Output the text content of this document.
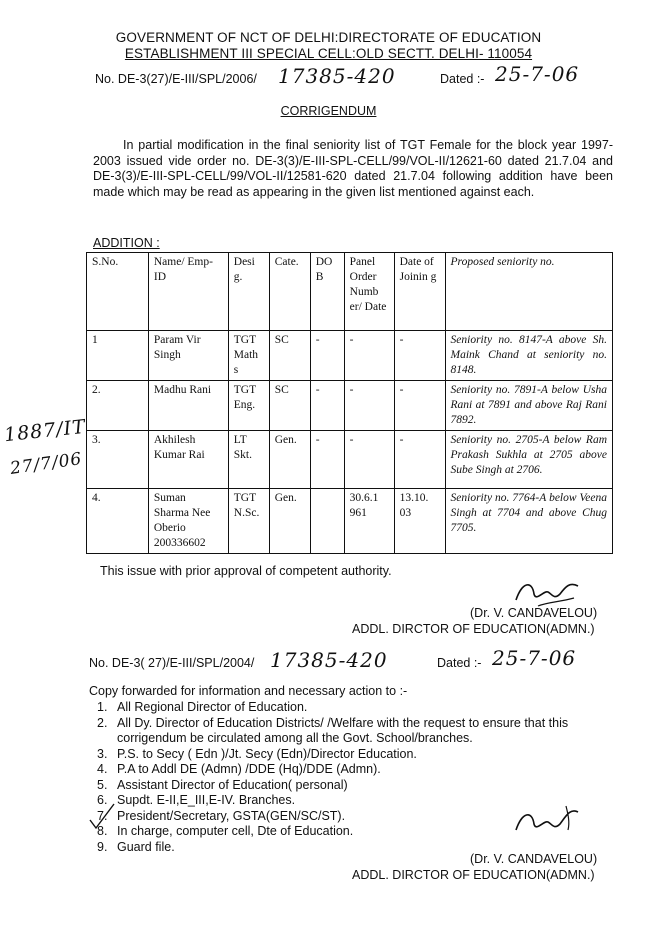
GOVERNMENT OF NCT OF DELHI:DIRECTORATE OF EDUCATION
ESTABLISHMENT III SPECIAL CELL:OLD SECTT. DELHI- 110054
No. DE-3(27)/E-III/SPL/2006/ 17385-420	Dated :- 25-7-06
CORRIGENDUM
In partial modification in the final seniority list of TGT Female for the block year 1997-2003 issued vide order no. DE-3(3)/E-III-SPL-CELL/99/VOL-II/12621-60 dated 21.7.04 and DE-3(3)/E-III-SPL-CELL/99/VOL-II/12581-620 dated 21.7.04 following addition have been made which may be read as appearing in the given list mentioned against each.
ADDITION :
1887/IT
27/7/06
S.No.	Name/ Emp-ID	Desi g.	Cate.	DO B	Panel Order Numb er/ Date	Date of Joinin g	Proposed seniority no.
1	Param Vir Singh	TGT Math s	SC	-	-	-	Seniority no. 8147-A above Sh. Maink Chand at seniority no. 8148.
2.	Madhu Rani	TGT Eng.	SC	-	-	-	Seniority no. 7891-A below Usha Rani at 7891 and above Raj Rani 7892.
3.	Akhilesh Kumar Rai	LT Skt.	Gen.	-	-	-	Seniority no. 2705-A below Ram Prakash Sukhla at 2705 above Sube Singh at 2706.
4.	Suman Sharma Nee Oberio 200336602	TGT N.Sc.	Gen.		30.6.1 961	13.10. 03	Seniority no. 7764-A below Veena Singh at 7704 and above Chug 7705.
This issue with prior approval of competent authority.
(Dr. V. CANDAVELOU)
ADDL. DIRCTOR OF EDUCATION(ADMN.)
No. DE-3( 27)/E-III/SPL/2004/ 17385-420	Dated :- 25-7-06
Copy forwarded for information and necessary action to :-
1. All Regional Director of Education.
2. All Dy. Director of Education Districts/ /Welfare with the request to ensure that this corrigendum be circulated among all the Govt. School/branches.
3. P.S. to Secy ( Edn )/Jt. Secy (Edn)/Director Education.
4. P.A to Addl DE (Admn) /DDE (Hq)/DDE (Admn).
5. Assistant Director of Education( personal)
6. Supdt. E-II,E_III,E-IV. Branches.
7. President/Secretary, GSTA(GEN/SC/ST).
8. In charge, computer cell, Dte of Education.
9. Guard file.
(Dr. V. CANDAVELOU)
ADDL. DIRCTOR OF EDUCATION(ADMN.)
